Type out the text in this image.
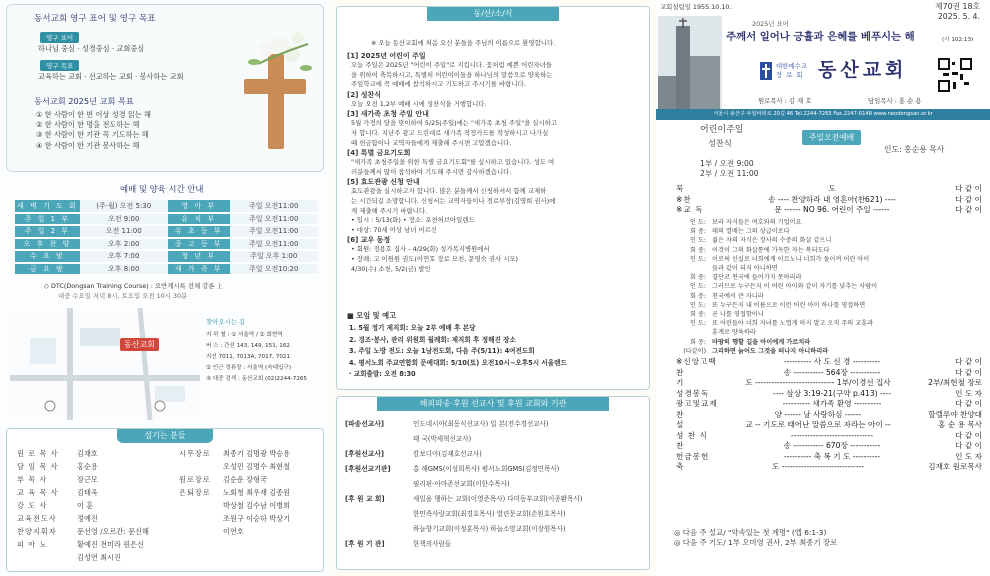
동서교회 영구 표어 및 영구 목표
영구 표어
하나님 중심 · 성경중심 · 교회중심
영구 목표
교육하는 교회 · 선교하는 교회 · 봉사하는 교회
동서교회 2025년 교회 목표
① 한 사람이 한 번 이상 성경 읽는 해
② 한 사람이 한 명을 전도하는 해
③ 한 사람이 한 기관 꼭 기도하는 해
④ 한 사람이 한 기관 봉사하는 해
예배 및 양육 시간 안내
새 벽 기 도 회	(주·월) 오전 5:30	영 아 부	주일 오전11:00
주 일 1 부	오전 9:00	유 치 부	주일 오전11:00
주 일 2 부	오전 11:00	유 초 등 부	주일 오전11:00
오 후 찬 양	오후 2:00	중 고 등 부	주일 오전11:00
수 요 밤	오후 7:00	청 년 부	주일 오후 1:00
금 요 밤	오후 8:00	새 가 족 부	주일 오전10:20
◇ DTC(Dongsan Training Course) : 요반계시록 전체 강론 上
대중 수요일 저녁 8시, 토요일 오전 10시 30분
동산교회
찾아오시는 길
지 하 철 : ① 서울역 / ② 회현역
버 스 : 간선 143, 149, 151, 162
지선 7011, 7013A, 7017, 7021
② 인근 정류장 : 서울역 (숙대입구)
③ 대중 검색 : 동산교회 (02)2244-7265
섬기는 분들
원 로 목 사	김재호
담 임 목 사	홍순용
부 목 사	장근모
교 육 목 사	김태욱
강 도 사	이 훈
교육전도사	정예진
찬양지휘자	문선영 /오르간: 문신혜
피 아 노	황예진 전미라 원은신
김성연 최시진
시무장로	최종기 김명광 박승용
오성민 김명수 최현철
원로장로	김순운 장형국
은퇴장로	노회청 최우재 김종원
박상철 김수남 이병희
조원구 이승하 박상기
이연호
동/산/소/식
※ 오늘 동산교회에 처음 오신 분들을 주님의 이름으로 환영합니다.
[1] 2025년 어린이 주일
오늘 주일은 2025년 "어린이 주일"로 지킵니다. 꽃처럼 예쁜 어린자녀들
을 위하여 축복하시고, 특별히 어린이이들을 하나님의 말씀으로 양육하는
주일학교에 꼭 예배에 참석하시고 기도하고 주시기를 바랍니다.
[2] 성찬식
오늘 오전 1,2부 예배 시에 성찬식을 거행합니다.
[3] 새가족 초청 주일 안내
5월 가정의 달을 맞이하여 5/25(주일)에는 "새가족 초청 주일"을 실시하고
자 합니다. 지난주 광고 드린대로 새가족 작정카드를 작성하시고 나가실
때 헌금함이나 교역자들에게 제출해 주시면 고맙겠습니다.
[4] 특별 금요기도회
"새가족 초청주일을 위한 특별 금요기도회"를 실시하고 있습니다. 성도 여
러분들께서 많이 참석하여 기도해 주시면 감사하겠습니다.
[5] 효도관광 신청 안내
효도관광을 실시하고자 합니다. 많은 분들께서 신청하셔서 함께 교제하
는 시간되길 소망합니다. 신청서는 교역자들이나 경로부장(김영희 권사)에
게 제출해 주시기 바랍니다.
• 일시 : 5/13(화) • 장소: 포천허브아일랜드
• 대상: 70세 이상 남녀 어르신
[6] 교우 동정
• 회원: 정용호 집사 - 4/29(화) 성가복지병원에서
• 장례: 고 이원원 권도(이연호 장로 모친, 문영숙 권사 시모)
4/30(수) 소천, 5/2(금) 발인
■ 모임 및 예고
1. 5월 정기 제직회: 오늘 2부 예배 후 본당
2. 경조·봉사, 관리 위원회 월례회: 제직회 후 정해진 장소
3. 주일 노방 전도: 오늘 1남전도회, 다음 주(5/11): 4여전도회
4. 평서노회 주교연합회 문예대회: 5/10(토) 오전10시~오후5시 서울랜드
· 교회출발: 오전 8:30
해외파송·후원 선교사 및 후원 교회와 기관
[파송선교사]	인도네시아(최동식선교사) 일 본(전수경선교사)
태 국(박세혁선교사)
[후원선교사]	캄보디아(김재호선교사)
[후원선교기관]	홍 해GMS(이성희목사) 평서노회GMS(김정민목사)
필리핀-아마존선교회(이한수목사)
[후 원 교 회]	새일을 행하는 교회(이영준목사) 다미동부교회(이종환목사)
한민족사랑교회(최경호목사) 열린문교회(손원호목사)
하늘향기교회(이정훈목사) 하늘소망교회(이장원목사)
[후 원 기 관]	한책의사람들
교회설립일 1955.10.10.	제70권 18호
2025. 5. 4.
2025년 표어
주께서 일어나 긍휼과 은혜를 베푸시는 해	(시 102:13)
대한예수교
장 로 회 동산교회
원로목사 : 김 재 호	담임목사 : 홍 순 용
서울시 용산구 두텁바위로 20길 46 Tel.2244-7265 Fax.2247-0148 www.neodongsan.or.kr
어린이주일
성찬식
주일오전예배
인도: 홍순용 목사
1부 / 오전 9:00
2부 / 오전 11:00
묵	도	다 같 이
※찬	송 ---- 찬양하라 내 영혼아(찬621) ----	다 같 이
※교 독	문 ------ NO 96. 어린이 주일 ------	다 같 이
인 도: 보라 자식들은 여호와의 기업이요
회 중: 태의 열매는 그의 상급이로다
인 도: 젊은 자의 자식은 장사의 수중의 화살 같으니
회 중: 이것이 그의 화살통에 가득한 자는 복되도다
인 도: 이로써 신실로 너희에게 이르노니 너희가 돌이켜 어린 아이
들과 같이 되지 아니하면
회 중: 결단코 천국에 들어가지 못하리라
인 도: 그러므로 누구든지 이 어린 아이와 같이 자기를 낮추는 사람이
회 중: 천국에서 큰 자니라
인 도: 또 누구든지 내 이름으로 이런 어린 아이 하나를 영접하면
회 중: 곧 나를 영접함이니
인 도: 또 어린들아 너희 자녀를 노엽게 하지 말고 오직 주의 교훈과
훈계로 양육하라
회 중: 마땅히 행할 길을 아이에게 가르치라
(다같이) 그리하면 늙어도 그것을 떠나지 아니하리라
※신앙고백	---------- 사 도 신 경 ----------	다 같 이
찬	송 ----------- 564장 -----------	다 같 이
기	도 ----------------------------- 1부/이경선 집사	2부/최현철 장로
성경봉독	---- 삼상 3:19-21(구약 p.413) ----	인 도 자
광고및교제	---------- 새가족 환영 ----------	다 같 이
찬	양 ------ 날 사랑하심 ------	할렐루야 찬양대
설	교 -- 기도로 태어난 말씀으로 자라는 아이 --	홍 순 용 목사
성 찬 식	------------------------------	다 같 이
찬	송 ----------- 670장 -----------	다 같 이
헌금봉헌	---------- 축 복 기 도 ----------	인 도 자
축	도 ------------------------------	김재호 원로목사
◎ 다음 주 설교/ "약속있는 첫 계명" (엡 6:1-3)
◎ 다음 주 기도/ 1부 오미영 권사, 2부 최종기 장로
